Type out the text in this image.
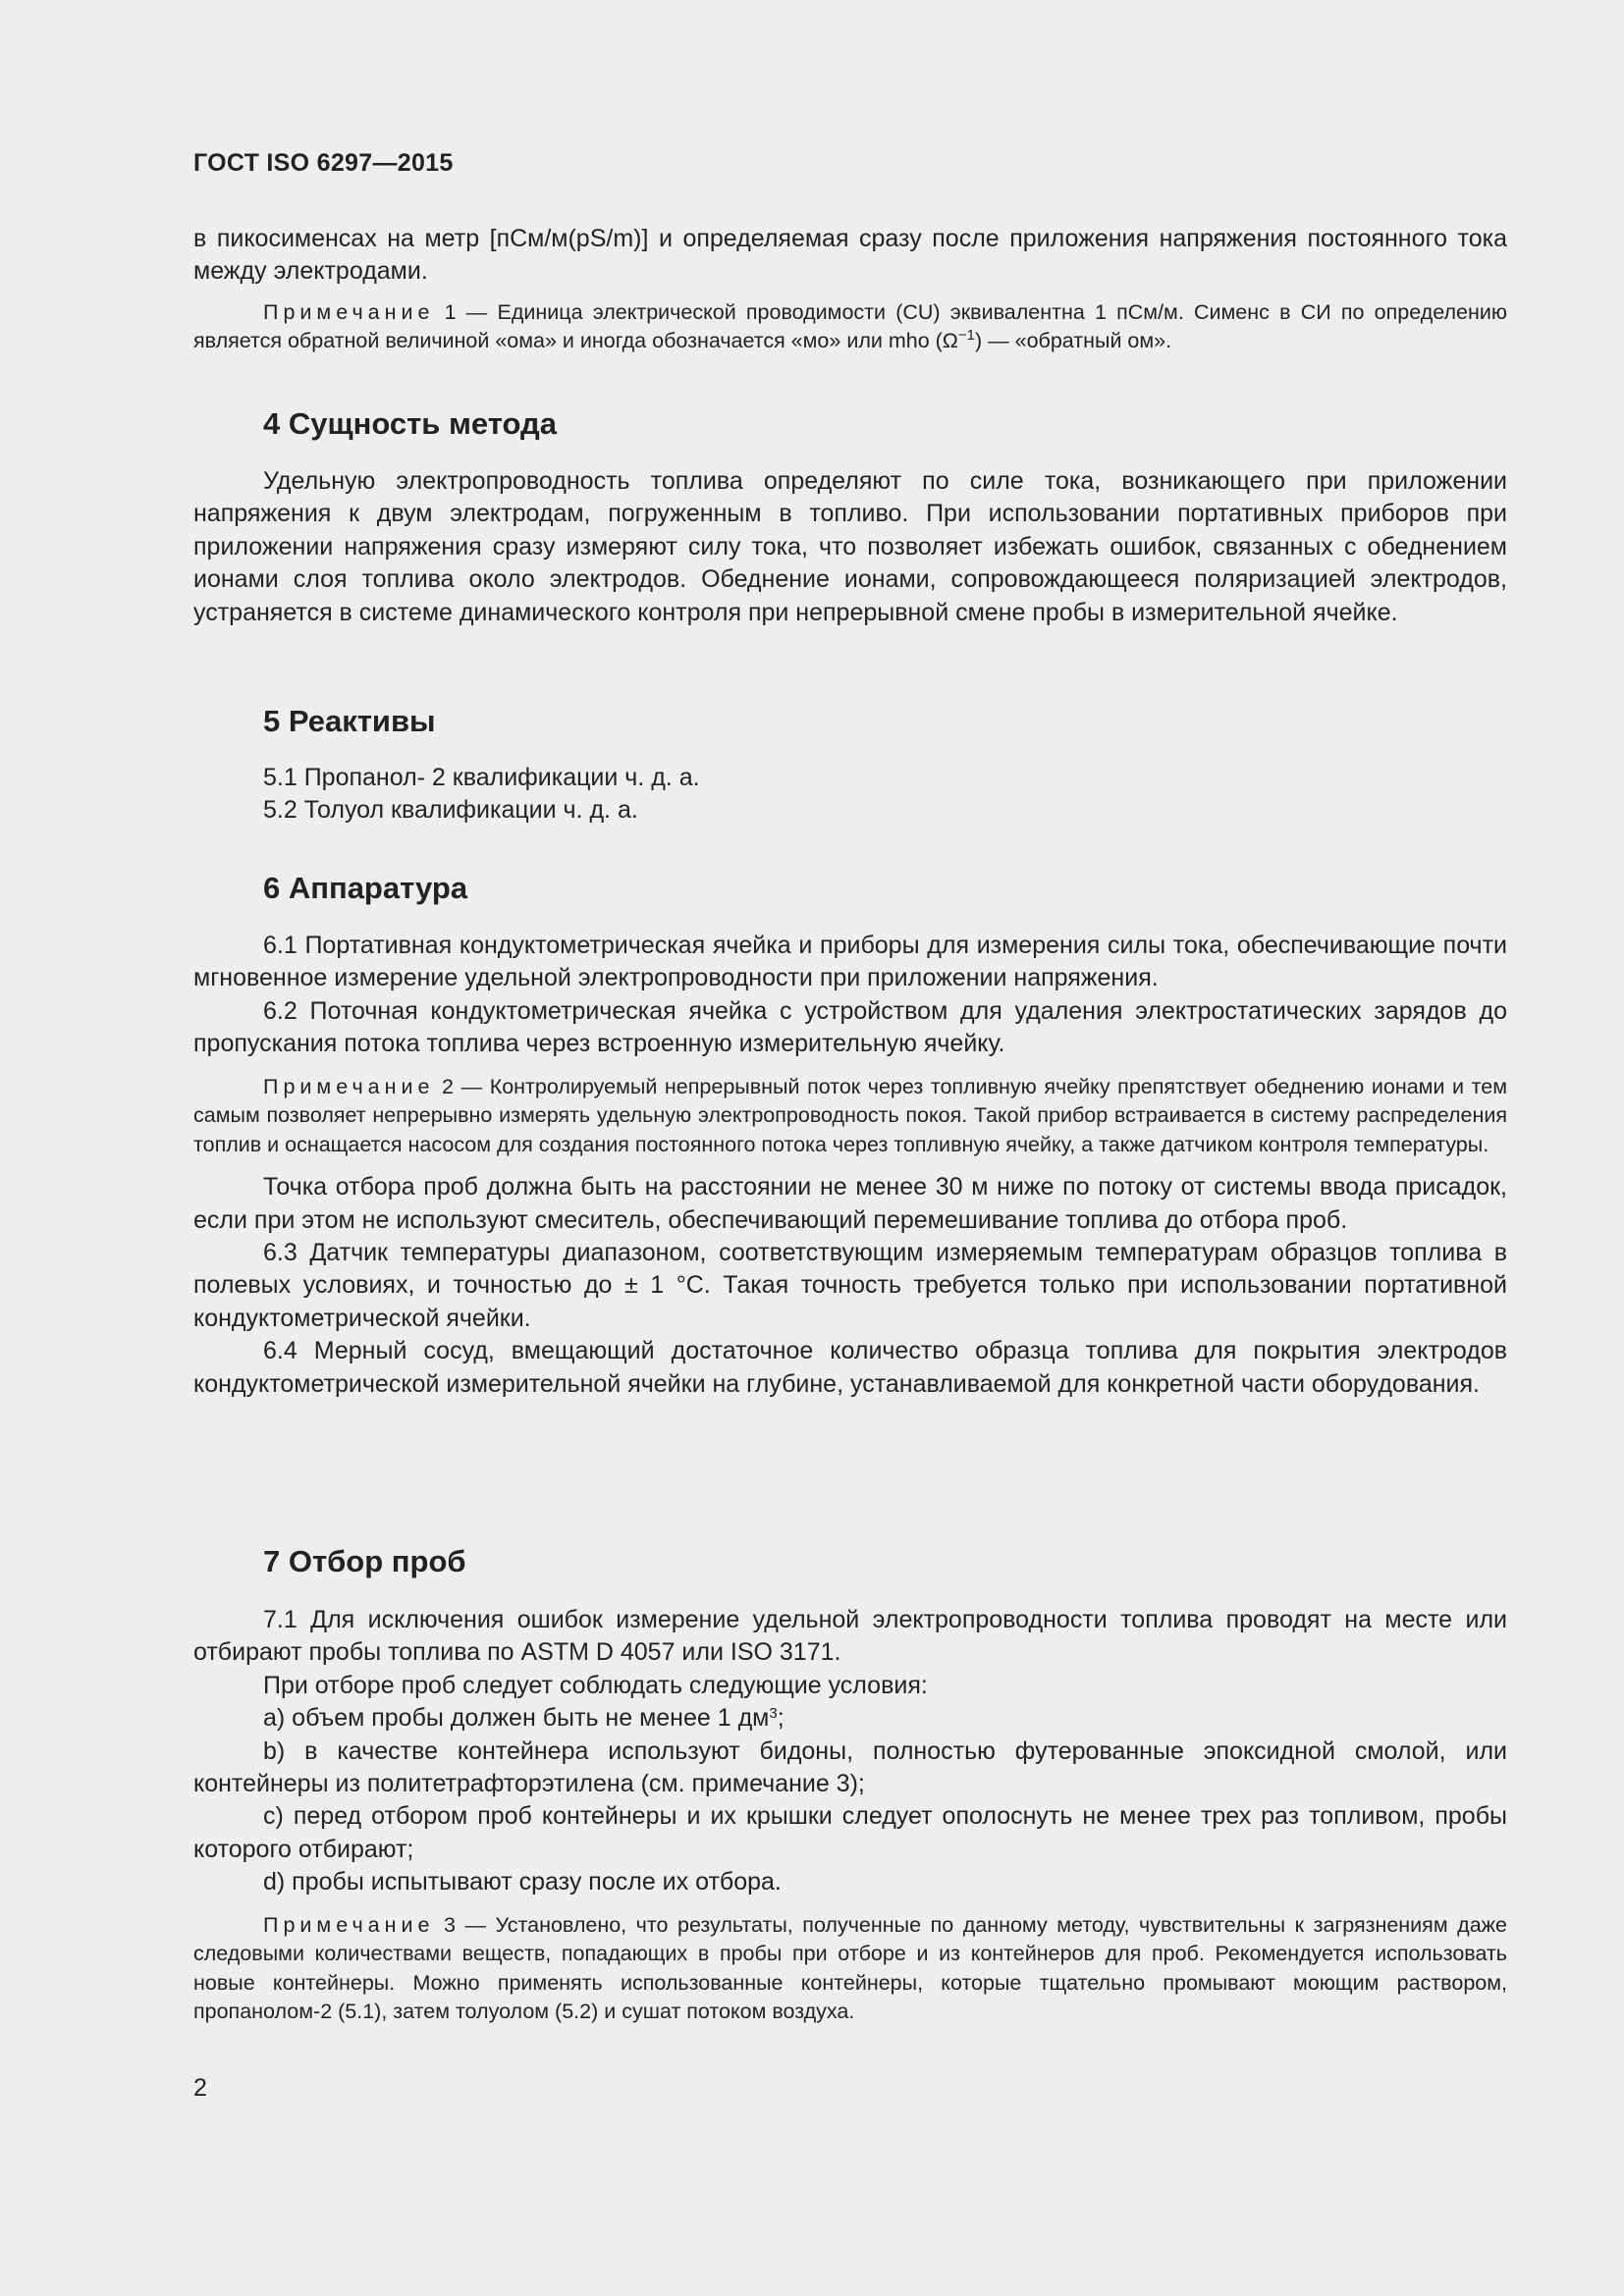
ГОСТ ISO 6297—2015

в пикосименсах на метр [пСм/м(pS/m)] и определяемая сразу после приложения напряжения постоянного тока между электродами.

Примечание 1 — Единица электрической проводимости (CU) эквивалентна 1 пСм/м. Сименс в СИ по определению является обратной величиной «ома» и иногда обозначается «мо» или mho $(\Omega^{-1})$ — «обратный ом».
4 Сущность метода

Удельную электропроводность топлива определяют по силе тока, возникающего при приложении напряжения к двум электродам, погруженным в топливо. При использовании портативных приборов при приложении напряжения сразу измеряют силу тока, что позволяет избежать ошибок, связанных с обеднением ионами слоя топлива около электродов. Обеднение ионами, сопровождающееся поляризацией электродов, устраняется в системе динамического контроля при непрерывной смене пробы в измерительной ячейке.

5 Реактивы

5.1 Пропанол- 2 квалификации ч. д. а.

5.2 Толуол квалификации ч. д. а.

6 Аппаратура

6.1 Портативная кондуктометрическая ячейка и приборы для измерения силы тока, обеспечивающие почти мгновенное измерение удельной электропроводности при приложении напряжения.

6.2 Поточная кондуктометрическая ячейка с устройством для удаления электростатических зарядов до пропускания потока топлива через встроенную измерительную ячейку.

Примечание 2 — Контролируемый непрерывный поток через топливную ячейку препятствует обеднению ионами и тем самым позволяет непрерывно измерять удельную электропроводность покоя. Такой прибор встраивается в систему распределения топлив и оснащается насосом для создания постоянного потока через топливную ячейку, а также датчиком контроля температуры.

Точка отбора проб должна быть на расстоянии не менее 30 м ниже по потоку от системы ввода присадок, если при этом не используют смеситель, обеспечивающий перемешивание топлива до отбора проб.

6.3 Датчик температуры диапазоном, соответствующим измеряемым температурам образцов топлива в полевых условиях, и точностью до ± 1 °С. Такая точность требуется только при использовании портативной кондуктометрической ячейки.

6.4 Мерный сосуд, вмещающий достаточное количество образца топлива для покрытия электродов кондуктометрической измерительной ячейки на глубине, устанавливаемой для конкретной части оборудования.

7 Отбор проб

7.1 Для исключения ошибок измерение удельной электропроводности топлива проводят на месте или отбирают пробы топлива по ASTM D 4057 или ISO 3171.

При отборе проб следует соблюдать следующие условия:

a) объем пробы должен быть не менее 1 $дм^3$;

b) в качестве контейнера используют бидоны, полностью футерованные эпоксидной смолой, или контейнеры из политетрафторэтилена (см. примечание 3);

c) перед отбором проб контейнеры и их крышки следует ополоснуть не менее трех раз топливом, пробы которого отбирают;

d) пробы испытывают сразу после их отбора.

Примечание 3 — Установлено, что результаты, полученные по данному методу, чувствительны к загрязнениям даже следовыми количествами веществ, попадающих в пробы при отборе и из контейнеров для проб. Рекомендуется использовать новые контейнеры. Можно применять использованные контейнеры, которые тщательно промывают моющим раствором, пропанолом-2 (5.1), затем толуолом (5.2) и сушат потоком воздуха.
2
